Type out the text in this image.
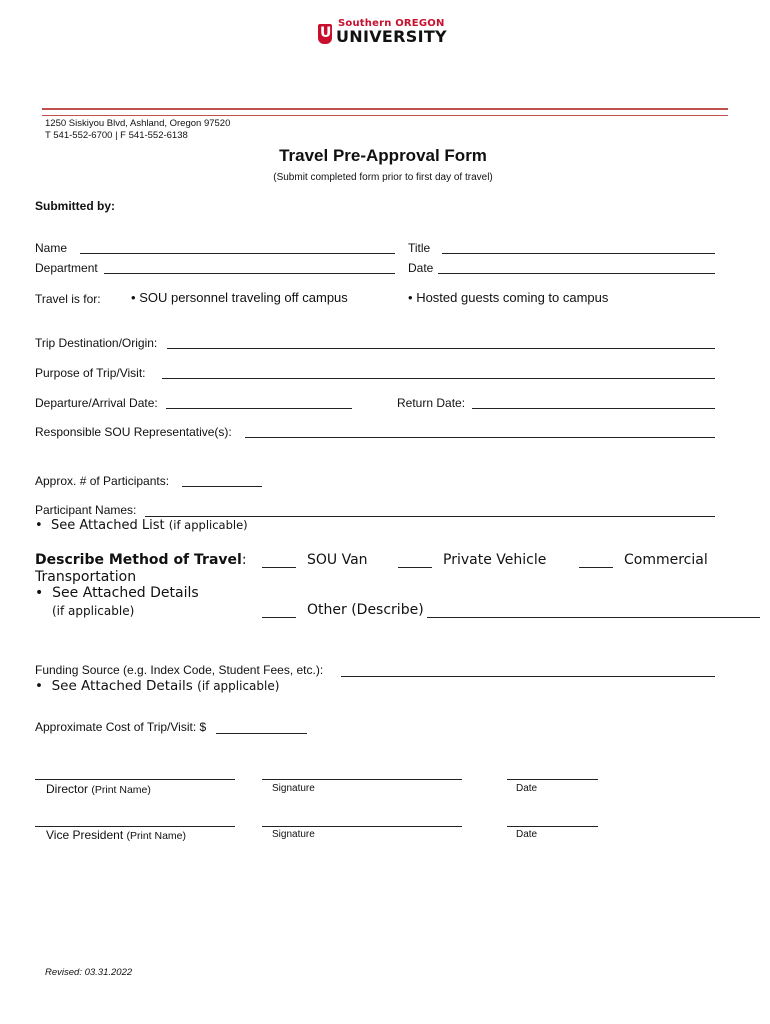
U
Southern OREGON
UNIVERSITY
1250 Siskiyou Blvd, Ashland, Oregon 97520
T 541-552-6700 | F 541-552-6138
Travel Pre-Approval Form
(Submit completed form prior to first day of travel)
Submitted by:
Name	Title
Department	Date
Travel is for: •	SOU personnel traveling off campus •	Hosted guests coming to campus
Trip Destination/Origin:
Purpose of Trip/Visit:
Departure/Arrival Date:	Return Date:
Responsible SOU Representative(s):
Approx. # of Participants:
Participant Names:
•   See Attached List (if applicable)
Describe Method of Travel:	SOU Van	Private Vehicle	Commercial
Transportation
•   See Attached Details
(if applicable)	Other (Describe)
Funding Source (e.g. Index Code, Student Fees, etc.):
•   See Attached Details (if applicable)
Approximate Cost of Trip/Visit: $
Director (Print Name)	Signature	Date
Vice President (Print Name)	Signature	Date
Revised: 03.31.2022
